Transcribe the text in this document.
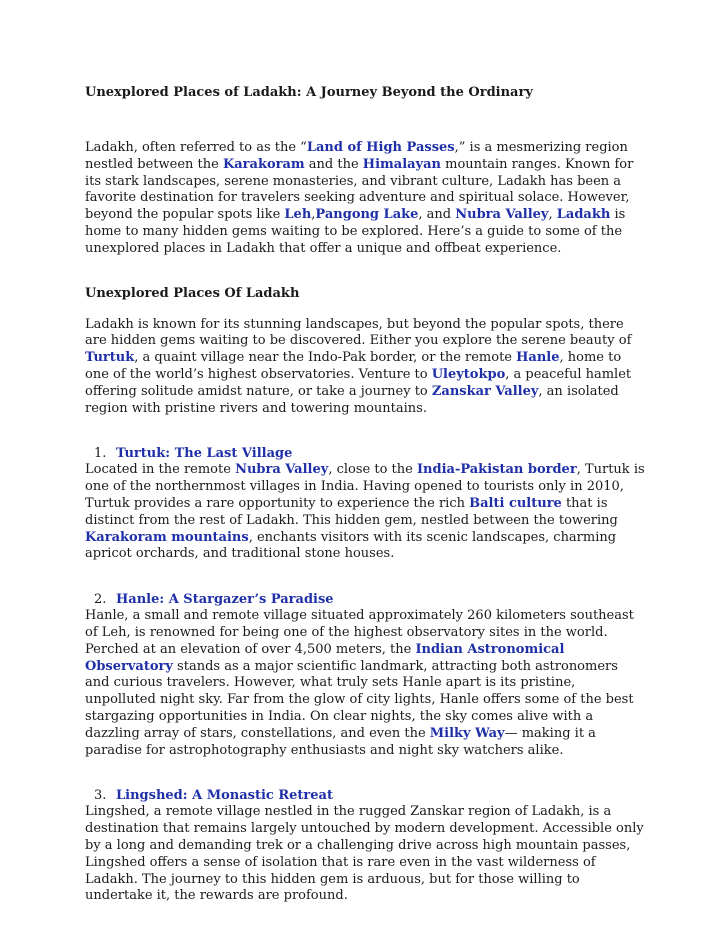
Unexplored Places of Ladakh: A Journey Beyond the Ordinary

Ladakh, often referred to as the “Land of High Passes,” is a mesmerizing region nestled between the Karakoram and the Himalayan mountain ranges. Known for its stark landscapes, serene monasteries, and vibrant culture, Ladakh has been a favorite destination for travelers seeking adventure and spiritual solace. However, beyond the popular spots like Leh,Pangong Lake, and Nubra Valley, Ladakh is home to many hidden gems waiting to be explored. Here’s a guide to some of the unexplored places in Ladakh that offer a unique and offbeat experience.

Unexplored Places Of Ladakh

Ladakh is known for its stunning landscapes, but beyond the popular spots, there are hidden gems waiting to be discovered. Either you explore the serene beauty of Turtuk, a quaint village near the Indo-Pak border, or the remote Hanle, home to one of the world’s highest observatories. Venture to Uleytokpo, a peaceful hamlet offering solitude amidst nature, or take a journey to Zanskar Valley, an isolated region with pristine rivers and towering mountains.

1. Turtuk: The Last Village

Located in the remote Nubra Valley, close to the India-Pakistan border, Turtuk is one of the northernmost villages in India. Having opened to tourists only in 2010, Turtuk provides a rare opportunity to experience the rich Balti culture that is distinct from the rest of Ladakh. This hidden gem, nestled between the towering Karakoram mountains, enchants visitors with its scenic landscapes, charming apricot orchards, and traditional stone houses.

2. Hanle: A Stargazer’s Paradise

Hanle, a small and remote village situated approximately 260 kilometers southeast of Leh, is renowned for being one of the highest observatory sites in the world. Perched at an elevation of over 4,500 meters, the Indian Astronomical Observatory stands as a major scientific landmark, attracting both astronomers and curious travelers. However, what truly sets Hanle apart is its pristine, unpolluted night sky. Far from the glow of city lights, Hanle offers some of the best stargazing opportunities in India. On clear nights, the sky comes alive with a dazzling array of stars, constellations, and even the Milky Way— making it a paradise for astrophotography enthusiasts and night sky watchers alike.

3. Lingshed: A Monastic Retreat

Lingshed, a remote village nestled in the rugged Zanskar region of Ladakh, is a destination that remains largely untouched by modern development. Accessible only by a long and demanding trek or a challenging drive across high mountain passes, Lingshed offers a sense of isolation that is rare even in the vast wilderness of Ladakh. The journey to this hidden gem is arduous, but for those willing to undertake it, the rewards are profound.
